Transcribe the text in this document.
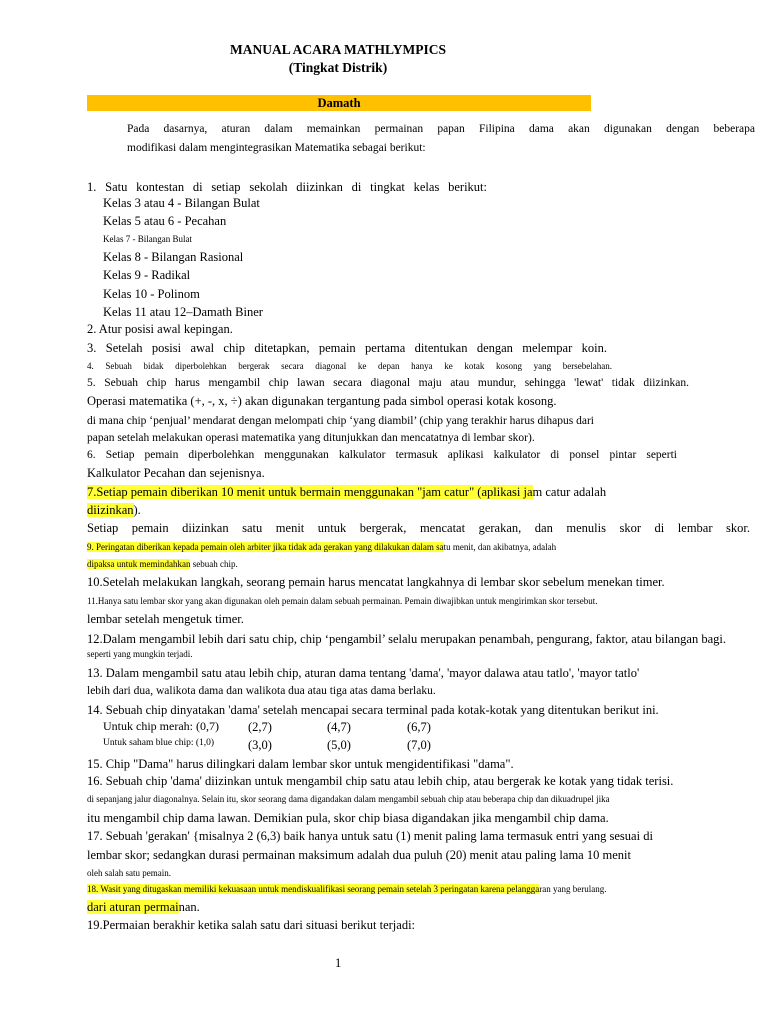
MANUAL ACARA MATHLYMPICS
(Tingkat Distrik)
Damath
Pada dasarnya, aturan dalam memainkan permainan papan Filipina dama akan digunakan dengan beberapa
modifikasi dalam mengintegrasikan Matematika sebagai berikut:
1. Satu kontestan di setiap sekolah diizinkan di tingkat kelas berikut:
Kelas 3 atau 4 - Bilangan Bulat
Kelas 5 atau 6 - Pecahan
Kelas 7 - Bilangan Bulat
Kelas 8 - Bilangan Rasional
Kelas 9 - Radikal
Kelas 10 - Polinom
Kelas 11 atau 12–Damath Biner
2. Atur posisi awal kepingan.
3. Setelah posisi awal chip ditetapkan, pemain pertama ditentukan dengan melempar koin.
4. Sebuah bidak diperbolehkan bergerak secara diagonal ke depan hanya ke kotak kosong yang bersebelahan.
5. Sebuah chip harus mengambil chip lawan secara diagonal maju atau mundur, sehingga 'lewat' tidak diizinkan.
Operasi matematika (+, -, x, ÷) akan digunakan tergantung pada simbol operasi kotak kosong.
di mana chip ‘penjual’ mendarat dengan melompati chip ‘yang diambil’ (chip yang terakhir harus dihapus dari
papan setelah melakukan operasi matematika yang ditunjukkan dan mencatatnya di lembar skor).
6. Setiap pemain diperbolehkan menggunakan kalkulator termasuk aplikasi kalkulator di ponsel pintar seperti
Kalkulator Pecahan dan sejenisnya.
7.Setiap pemain diberikan 10 menit untuk bermain menggunakan "jam catur" (aplikasi jam catur adalah
diizinkan).
Setiap pemain diizinkan satu menit untuk bergerak, mencatat gerakan, dan menulis skor di lembar skor.
9. Peringatan diberikan kepada pemain oleh arbiter jika tidak ada gerakan yang dilakukan dalam satu menit, dan akibatnya, adalah
dipaksa untuk memindahkan sebuah chip.
10.Setelah melakukan langkah, seorang pemain harus mencatat langkahnya di lembar skor sebelum menekan timer.
11.Hanya satu lembar skor yang akan digunakan oleh pemain dalam sebuah permainan. Pemain diwajibkan untuk mengirimkan skor tersebut.
lembar setelah mengetuk timer.
12.Dalam mengambil lebih dari satu chip, chip ‘pengambil’ selalu merupakan penambah, pengurang, faktor, atau bilangan bagi.
seperti yang mungkin terjadi.
13. Dalam mengambil satu atau lebih chip, aturan dama tentang 'dama', 'mayor dalawa atau tatlo', 'mayor tatlo'
lebih dari dua, walikota dama dan walikota dua atau tiga atas dama berlaku.
14. Sebuah chip dinyatakan 'dama' setelah mencapai secara terminal pada kotak-kotak yang ditentukan berikut ini.
Untuk chip merah: (0,7) (2,7)	(4,7)	(6,7)
Untuk saham blue chip: (1,0)	(3,0)	(5,0)	(7,0)
15. Chip "Dama" harus dilingkari dalam lembar skor untuk mengidentifikasi "dama".
16. Sebuah chip 'dama' diizinkan untuk mengambil chip satu atau lebih chip, atau bergerak ke kotak yang tidak terisi.
di sepanjang jalur diagonalnya. Selain itu, skor seorang dama digandakan dalam mengambil sebuah chip atau beberapa chip dan dikuadrupel jika
itu mengambil chip dama lawan. Demikian pula, skor chip biasa digandakan jika mengambil chip dama.
17. Sebuah 'gerakan' {misalnya 2 (6,3) baik hanya untuk satu (1) menit paling lama termasuk entri yang sesuai di
lembar skor; sedangkan durasi permainan maksimum adalah dua puluh (20) menit atau paling lama 10 menit
oleh salah satu pemain.
18. Wasit yang ditugaskan memiliki kekuasaan untuk mendiskualifikasi seorang pemain setelah 3 peringatan karena pelanggaran yang berulang.
dari aturan permainan.
19.Permaian berakhir ketika salah satu dari situasi berikut terjadi:
1
